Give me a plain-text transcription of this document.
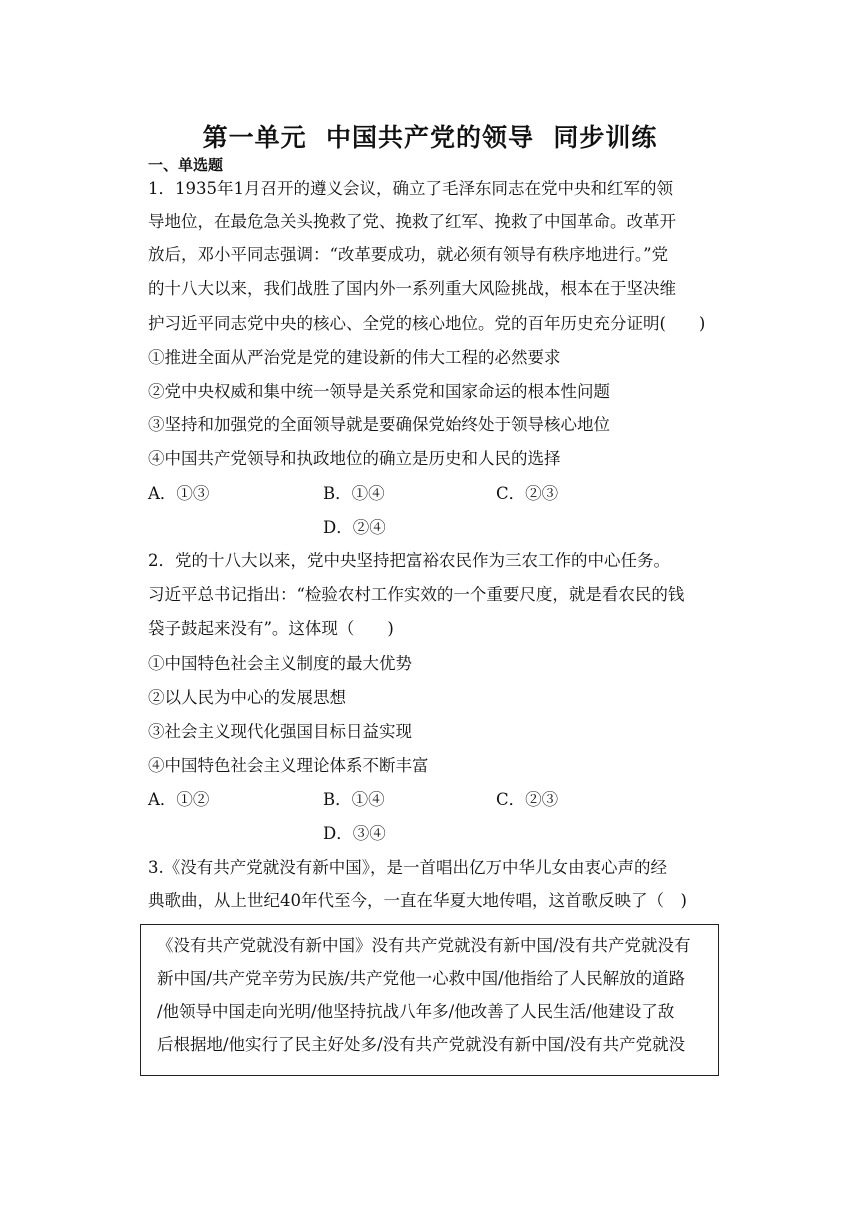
第一单元  中国共产党的领导  同步训练
一、单选题
1．1935年1月召开的遵义会议，确立了毛泽东同志在党中央和红军的领
导地位，在最危急关头挽救了党、挽救了红军、挽救了中国革命。改革开
放后，邓小平同志强调：“改革要成功，就必须有领导有秩序地进行。”党
的十八大以来，我们战胜了国内外一系列重大风险挑战，根本在于坚决维
护习近平同志党中央的核心、全党的核心地位。党的百年历史充分证明(　　)
①推进全面从严治党是党的建设新的伟大工程的必然要求
②党中央权威和集中统一领导是关系党和国家命运的根本性问题
③坚持和加强党的全面领导就是要确保党始终处于领导核心地位
④中国共产党领导和执政地位的确立是历史和人民的选择
A．①③	B．①④	C．②③
D．②④
2．党的十八大以来，党中央坚持把富裕农民作为三农工作的中心任务。
习近平总书记指出：“检验农村工作实效的一个重要尺度，就是看农民的钱
袋子鼓起来没有”。这体现（　　)
①中国特色社会主义制度的最大优势
②以人民为中心的发展思想
③社会主义现代化强国目标日益实现
④中国特色社会主义理论体系不断丰富
A．①②	B．①④	C．②③
D．③④
3.《没有共产党就没有新中国》，是一首唱出亿万中华儿女由衷心声的经
典歌曲，从上世纪40年代至今，一直在华夏大地传唱，这首歌反映了（　)
《没有共产党就没有新中国》没有共产党就没有新中国/没有共产党就没有
新中国/共产党辛劳为民族/共产党他一心救中国/他指给了人民解放的道路
/他领导中国走向光明/他坚持抗战八年多/他改善了人民生活/他建设了敌
后根据地/他实行了民主好处多/没有共产党就没有新中国/没有共产党就没
